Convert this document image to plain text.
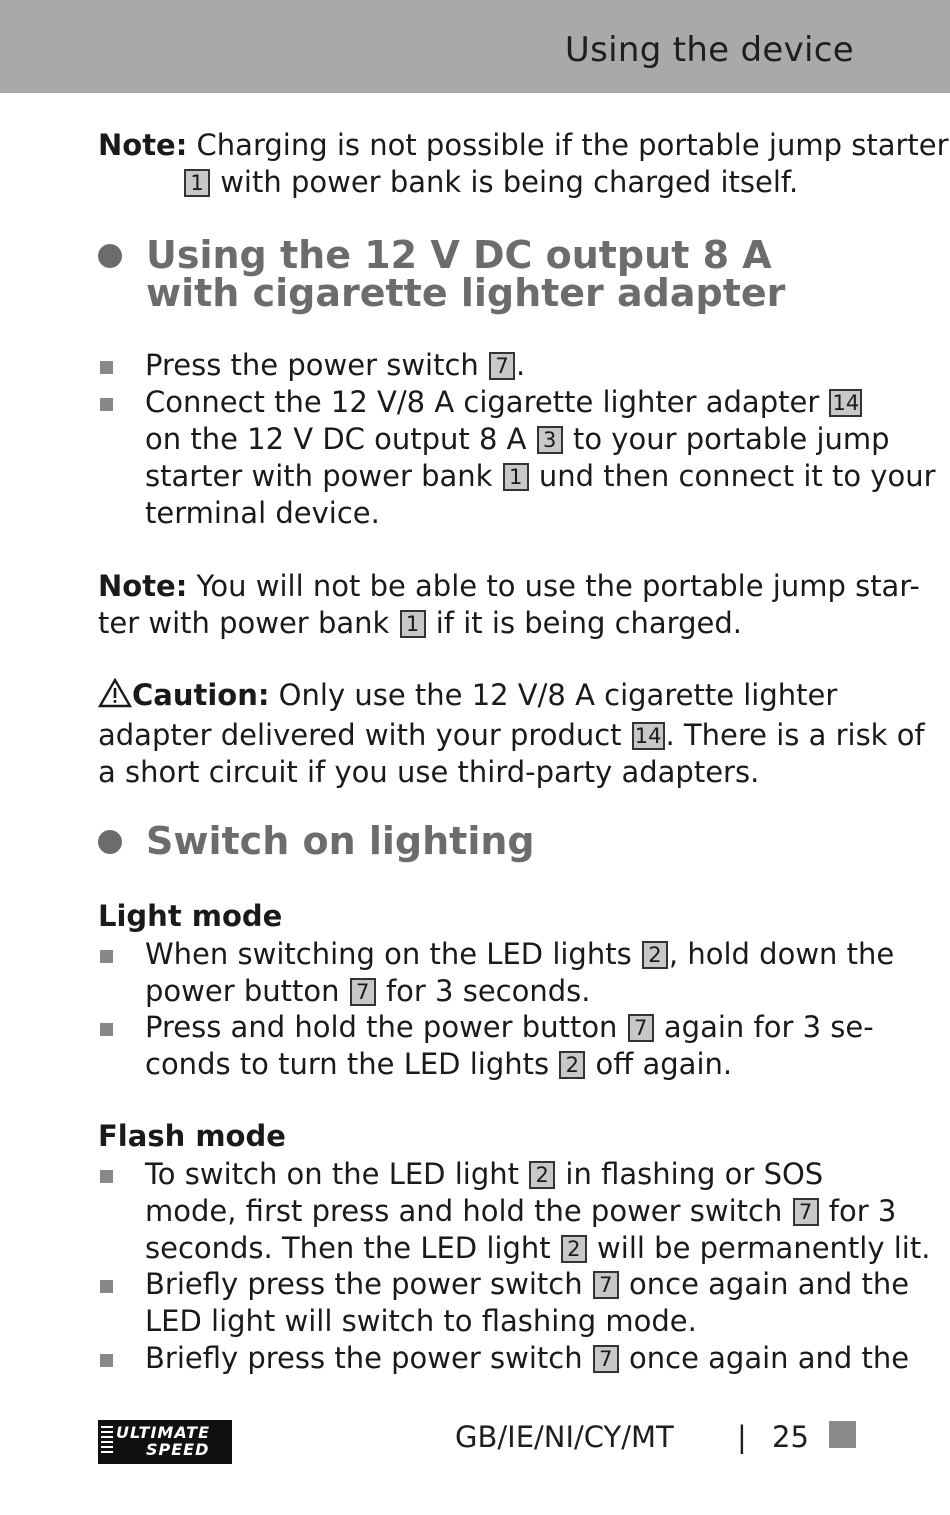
Using the device
Note: Charging is not possible if the portable jump starter
1 with power bank is being charged itself.
Using the 12 V DC output 8 A
with cigarette lighter adapter
Press the power switch 7 .
Connect the 12 V/8 A cigarette lighter adapter 14
on the 12 V DC output 8 A 3 to your portable jump
starter with power bank 1 und then connect it to your
terminal device.
Note: You will not be able to use the portable jump star-
ter with power bank 1 if it is being charged.
Caution: Only use the 12 V/8 A cigarette lighter
adapter delivered with your product 14 . There is a risk of
a short circuit if you use third-party adapters.
Switch on lighting
Light mode
When switching on the LED lights 2 , hold down the
power button 7 for 3 seconds.
Press and hold the power button 7 again for 3 se-
conds to turn the LED lights 2 off again.
Flash mode
To switch on the LED light 2 in flashing or SOS
mode, first press and hold the power switch 7 for 3
seconds. Then the LED light 2 will be permanently lit.
Briefly press the power switch 7 once again and the
LED light will switch to flashing mode.
Briefly press the power switch 7 once again and the
ULTIMATE
SPEED	GB/IE/NI/CY/MT | 25
